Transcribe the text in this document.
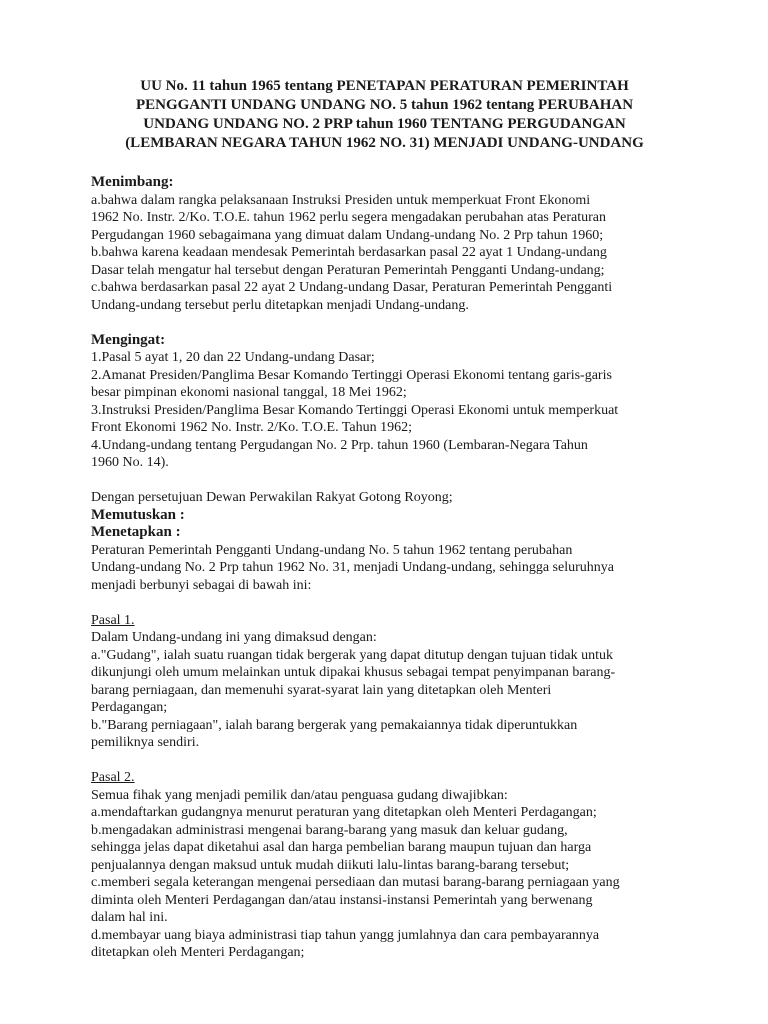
UU No. 11 tahun 1965 tentang PENETAPAN PERATURAN PEMERINTAH
PENGGANTI UNDANG UNDANG NO. 5 tahun 1962 tentang PERUBAHAN
UNDANG UNDANG NO. 2 PRP tahun 1960 TENTANG PERGUDANGAN
(LEMBARAN NEGARA TAHUN 1962 NO. 31) MENJADI UNDANG-UNDANG
Menimbang:
a.bahwa dalam rangka pelaksanaan Instruksi Presiden untuk memperkuat Front Ekonomi
1962 No. Instr. 2/Ko. T.O.E. tahun 1962 perlu segera mengadakan perubahan atas Peraturan
Pergudangan 1960 sebagaimana yang dimuat dalam Undang-undang No. 2 Prp tahun 1960;
b.bahwa karena keadaan mendesak Pemerintah berdasarkan pasal 22 ayat 1 Undang-undang
Dasar telah mengatur hal tersebut dengan Peraturan Pemerintah Pengganti Undang-undang;
c.bahwa berdasarkan pasal 22 ayat 2 Undang-undang Dasar, Peraturan Pemerintah Pengganti
Undang-undang tersebut perlu ditetapkan menjadi Undang-undang.
Mengingat:
1.Pasal 5 ayat 1, 20 dan 22 Undang-undang Dasar;
2.Amanat Presiden/Panglima Besar Komando Tertinggi Operasi Ekonomi tentang garis-garis
besar pimpinan ekonomi nasional tanggal, 18 Mei 1962;
3.Instruksi Presiden/Panglima Besar Komando Tertinggi Operasi Ekonomi untuk memperkuat
Front Ekonomi 1962 No. Instr. 2/Ko. T.O.E. Tahun 1962;
4.Undang-undang tentang Pergudangan No. 2 Prp. tahun 1960 (Lembaran-Negara Tahun
1960 No. 14).
Dengan persetujuan Dewan Perwakilan Rakyat Gotong Royong;
Memutuskan :
Menetapkan :
Peraturan Pemerintah Pengganti Undang-undang No. 5 tahun 1962 tentang perubahan
Undang-undang No. 2 Prp tahun 1962 No. 31, menjadi Undang-undang, sehingga seluruhnya
menjadi berbunyi sebagai di bawah ini:
Pasal 1.
Dalam Undang-undang ini yang dimaksud dengan:
a."Gudang", ialah suatu ruangan tidak bergerak yang dapat ditutup dengan tujuan tidak untuk
dikunjungi oleh umum melainkan untuk dipakai khusus sebagai tempat penyimpanan barang-
barang perniagaan, dan memenuhi syarat-syarat lain yang ditetapkan oleh Menteri
Perdagangan;
b."Barang perniagaan", ialah barang bergerak yang pemakaiannya tidak diperuntukkan
pemiliknya sendiri.
Pasal 2.
Semua fihak yang menjadi pemilik dan/atau penguasa gudang diwajibkan:
a.mendaftarkan gudangnya menurut peraturan yang ditetapkan oleh Menteri Perdagangan;
b.mengadakan administrasi mengenai barang-barang yang masuk dan keluar gudang,
sehingga jelas dapat diketahui asal dan harga pembelian barang maupun tujuan dan harga
penjualannya dengan maksud untuk mudah diikuti lalu-lintas barang-barang tersebut;
c.memberi segala keterangan mengenai persediaan dan mutasi barang-barang perniagaan yang
diminta oleh Menteri Perdagangan dan/atau instansi-instansi Pemerintah yang berwenang
dalam hal ini.
d.membayar uang biaya administrasi tiap tahun yangg jumlahnya dan cara pembayarannya
ditetapkan oleh Menteri Perdagangan;
